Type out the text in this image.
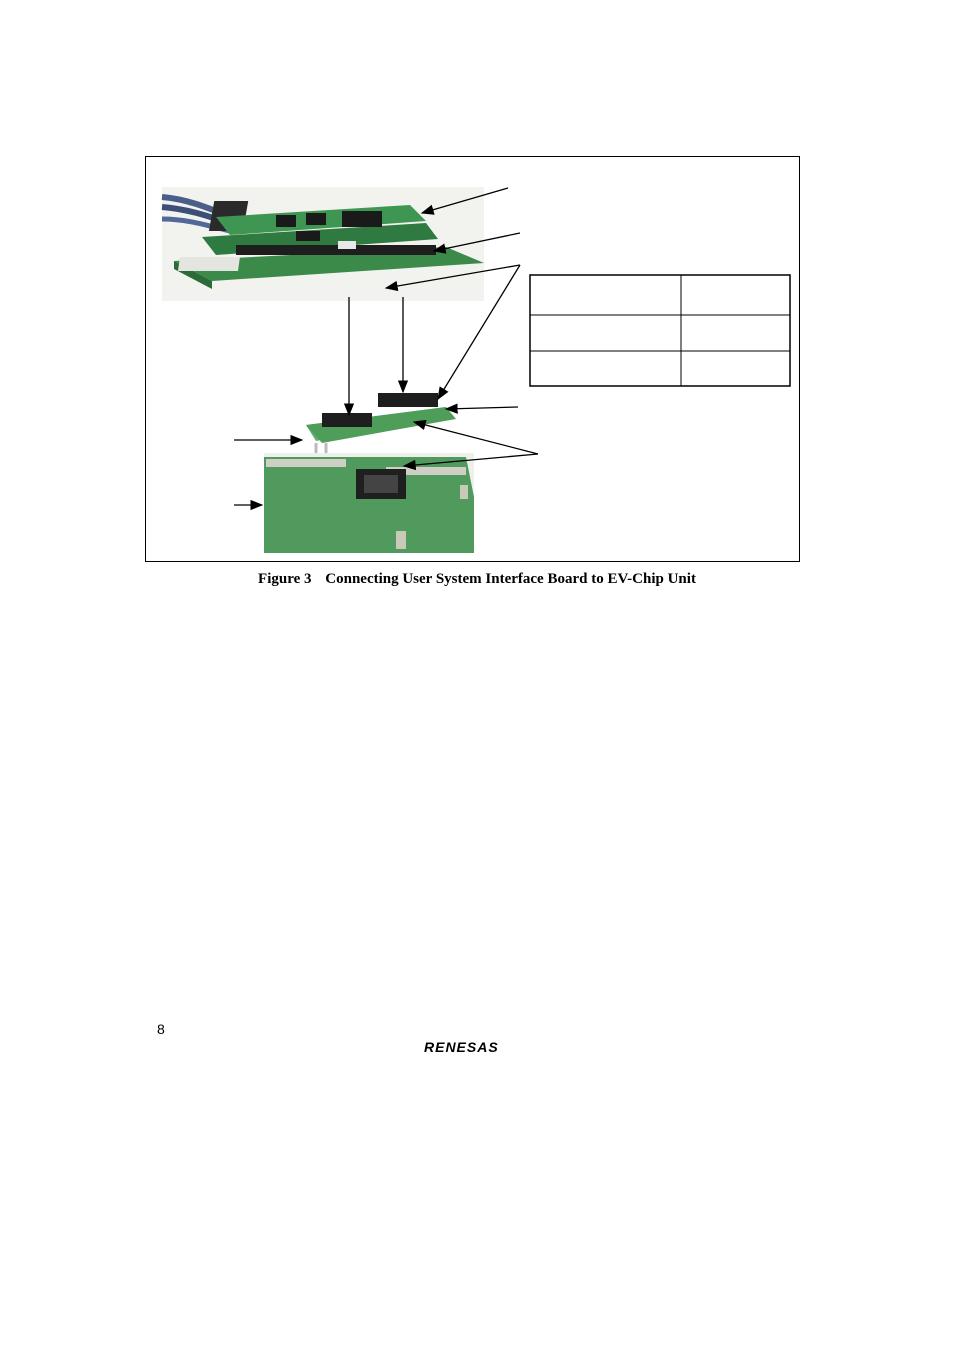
Figure 3 Connecting User System Interface Board to EV-Chip Unit
8
RENESAS
